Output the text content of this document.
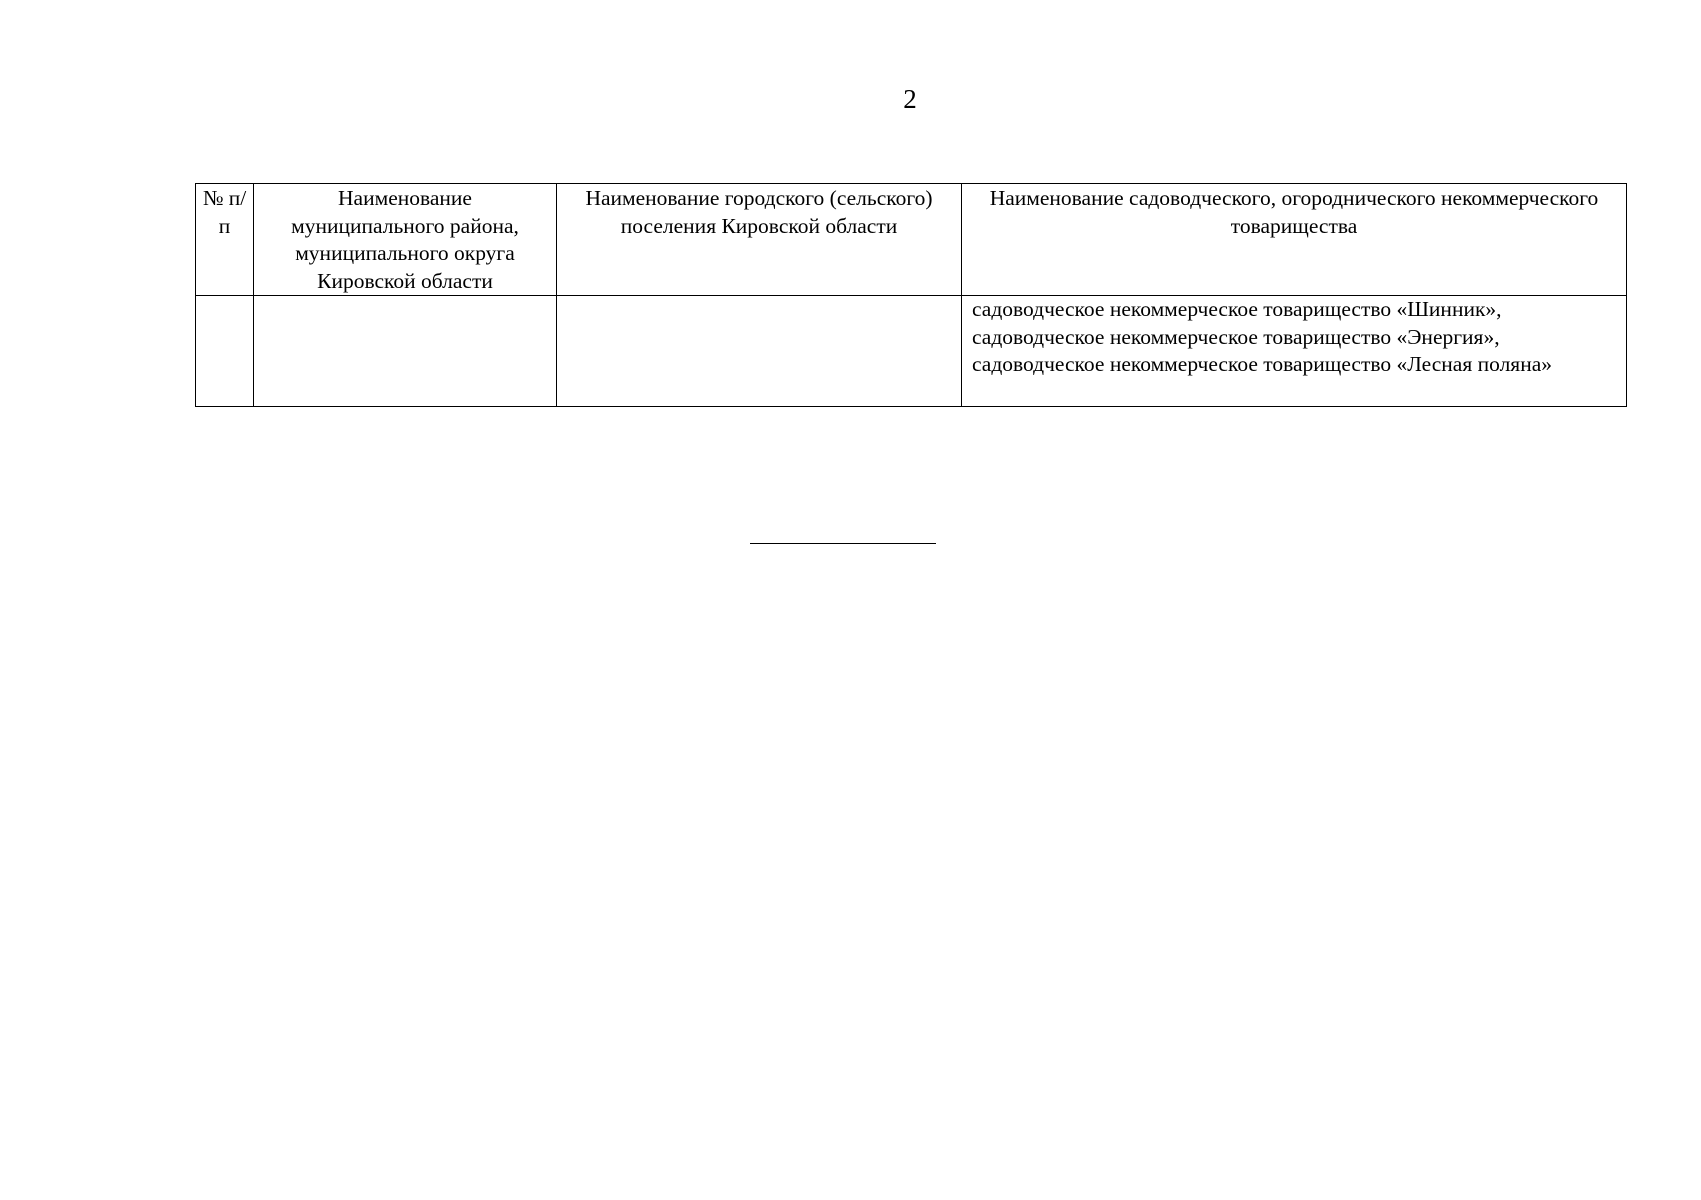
2
№ п/п	Наименование муниципального района, муниципального округа Кировской области	Наименование городского (сельского) поселения Кировской области	Наименование садоводческого, огороднического некоммерческого товарищества
			садоводческое некоммерческое товарищество «Шинник», садоводческое некоммерческое товарищество «Энергия», садоводческое некоммерческое товарищество «Лесная поляна»
